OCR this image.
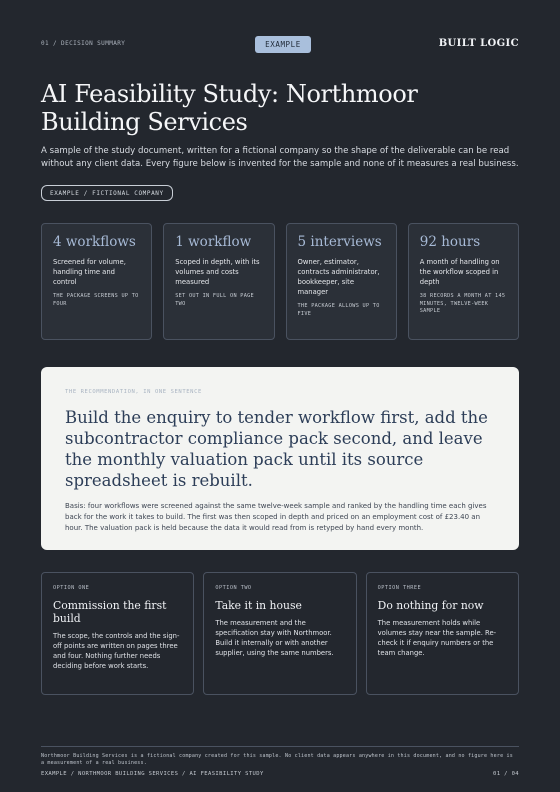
01 / DECISION SUMMARY	EXAMPLE	BUILT LOGIC
AI Feasibility Study: Northmoor Building Services

A sample of the study document, written for a fictional company so the shape of the deliverable can be read without any client data. Every figure below is invented for the sample and none of it measures a real business.

EXAMPLE / FICTIONAL COMPANY
4 workflows
Screened for volume, handling time and control
THE PACKAGE SCREENS UP TO FOUR
1 workflow
Scoped in depth, with its volumes and costs measured
SET OUT IN FULL ON PAGE TWO
5 interviews
Owner, estimator, contracts administrator, bookkeeper, site manager
THE PACKAGE ALLOWS UP TO FIVE
92 hours
A month of handling on the workflow scoped in depth
38 RECORDS A MONTH AT 145 MINUTES, TWELVE-WEEK SAMPLE
THE RECOMMENDATION, IN ONE SENTENCE
Build the enquiry to tender workflow first, add the subcontractor compliance pack second, and leave the monthly valuation pack until its source spreadsheet is rebuilt.
Basis: four workflows were screened against the same twelve-week sample and ranked by the handling time each gives back for the work it takes to build. The first was then scoped in depth and priced on an employment cost of £23.40 an hour. The valuation pack is held because the data it would read from is retyped by hand every month.
OPTION ONE
Commission the first build
The scope, the controls and the sign-off points are written on pages three and four. Nothing further needs deciding before work starts.
OPTION TWO
Take it in house
The measurement and the specification stay with Northmoor. Build it internally or with another supplier, using the same numbers.
OPTION THREE
Do nothing for now
The measurement holds while volumes stay near the sample. Re-check it if enquiry numbers or the team change.
Northmoor Building Services is a fictional company created for this sample. No client data appears anywhere in this document, and no figure here is a measurement of a real business.
EXAMPLE / NORTHMOOR BUILDING SERVICES / AI FEASIBILITY STUDY	01 / 04
